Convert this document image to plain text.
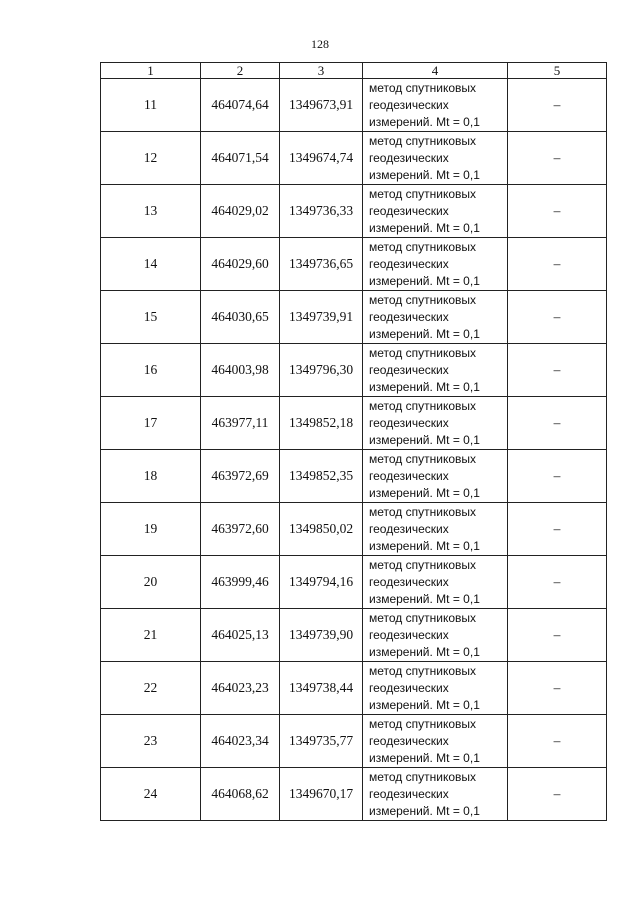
128
1	2	3	4	5
11	464074,64	1349673,91	метод спутниковых
геодезических
измерений. Mt = 0,1	–
12	464071,54	1349674,74	метод спутниковых
геодезических
измерений. Mt = 0,1	–
13	464029,02	1349736,33	метод спутниковых
геодезических
измерений. Mt = 0,1	–
14	464029,60	1349736,65	метод спутниковых
геодезических
измерений. Mt = 0,1	–
15	464030,65	1349739,91	метод спутниковых
геодезических
измерений. Mt = 0,1	–
16	464003,98	1349796,30	метод спутниковых
геодезических
измерений. Mt = 0,1	–
17	463977,11	1349852,18	метод спутниковых
геодезических
измерений. Mt = 0,1	–
18	463972,69	1349852,35	метод спутниковых
геодезических
измерений. Mt = 0,1	–
19	463972,60	1349850,02	метод спутниковых
геодезических
измерений. Mt = 0,1	–
20	463999,46	1349794,16	метод спутниковых
геодезических
измерений. Mt = 0,1	–
21	464025,13	1349739,90	метод спутниковых
геодезических
измерений. Mt = 0,1	–
22	464023,23	1349738,44	метод спутниковых
геодезических
измерений. Mt = 0,1	–
23	464023,34	1349735,77	метод спутниковых
геодезических
измерений. Mt = 0,1	–
24	464068,62	1349670,17	метод спутниковых
геодезических
измерений. Mt = 0,1	–
